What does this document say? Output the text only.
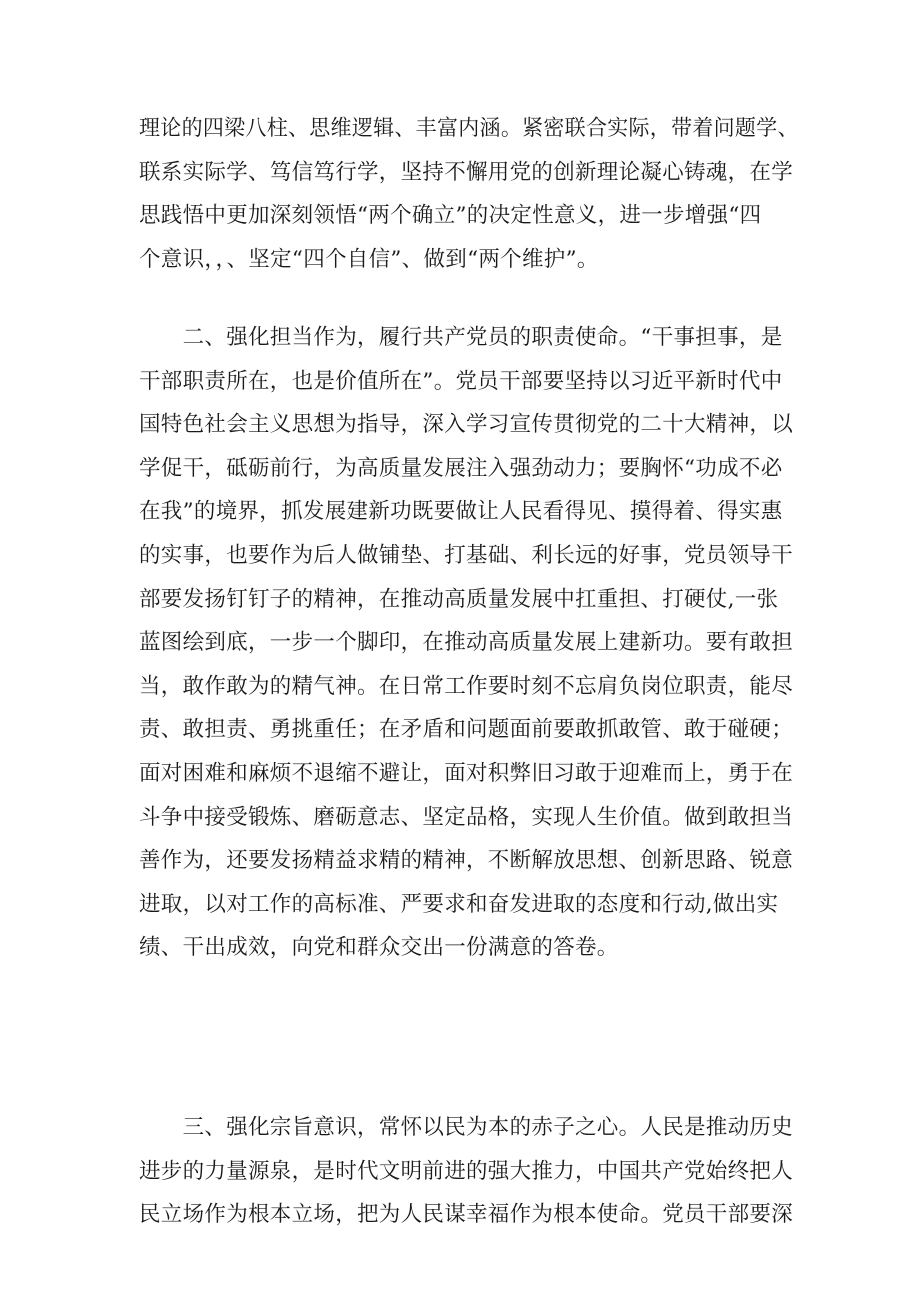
理论的四梁八柱、思维逻辑、丰富内涵。紧密联合实际，带着问题学、
联系实际学、笃信笃行学，坚持不懈用党的创新理论凝心铸魂，在学
思践悟中更加深刻领悟“两个确立”的决定性意义，进一步增强“四
个意识，，、坚定“四个自信”、做到“两个维护”。
　　二、强化担当作为，履行共产党员的职责使命。“干事担事，是
干部职责所在，也是价值所在”。党员干部要坚持以习近平新时代中
国特色社会主义思想为指导，深入学习宣传贯彻党的二十大精神，以
学促干，砥砺前行，为高质量发展注入强劲动力；要胸怀“功成不必
在我”的境界，抓发展建新功既要做让人民看得见、摸得着、得实惠
的实事，也要作为后人做铺垫、打基础、利长远的好事，党员领导干
部要发扬钉钉子的精神，在推动高质量发展中扛重担、打硬仗,一张
蓝图绘到底，一步一个脚印，在推动高质量发展上建新功。要有敢担
当，敢作敢为的精气神。在日常工作要时刻不忘肩负岗位职责，能尽
责、敢担责、勇挑重任；在矛盾和问题面前要敢抓敢管、敢于碰硬；
面对困难和麻烦不退缩不避让，面对积弊旧习敢于迎难而上，勇于在
斗争中接受锻炼、磨砺意志、坚定品格，实现人生价值。做到敢担当
善作为，还要发扬精益求精的精神，不断解放思想、创新思路、锐意
进取，以对工作的高标准、严要求和奋发进取的态度和行动,做出实
绩、干出成效，向党和群众交出一份满意的答卷。
　　三、强化宗旨意识，常怀以民为本的赤子之心。人民是推动历史
进步的力量源泉，是时代文明前进的强大推力，中国共产党始终把人
民立场作为根本立场，把为人民谋幸福作为根本使命。党员干部要深
